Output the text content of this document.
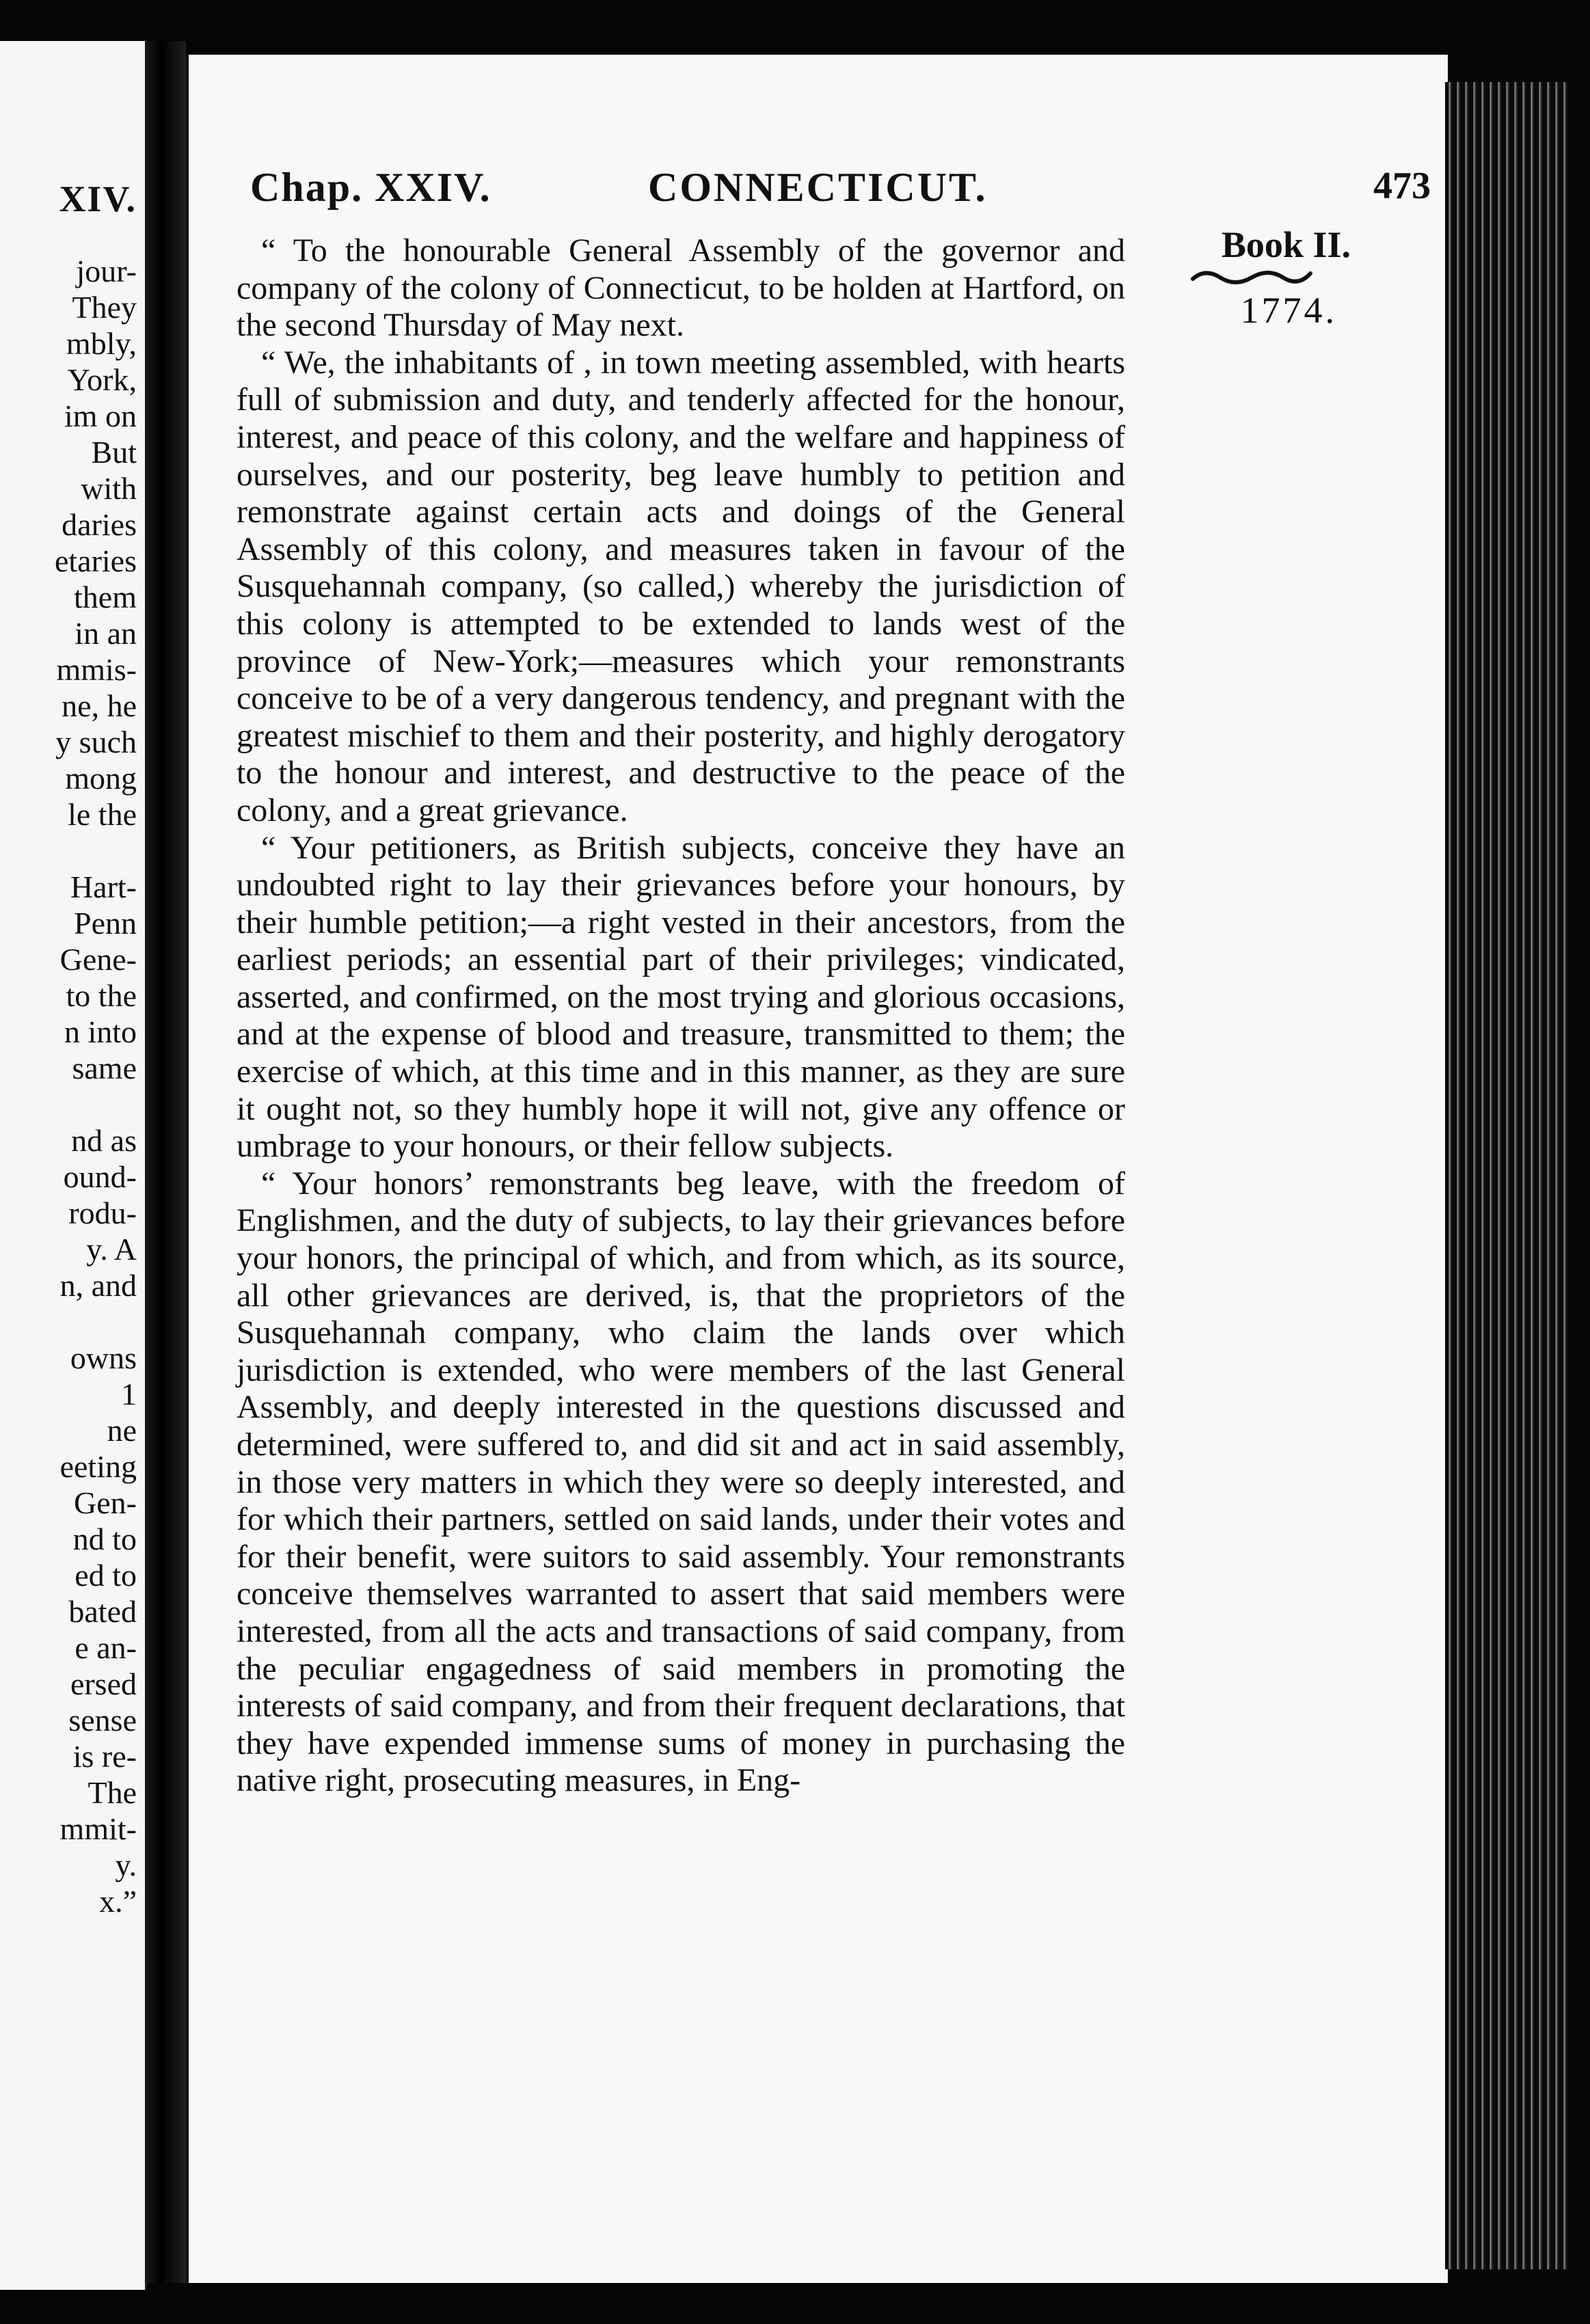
XIV.
jour-
They
mbly,
York,
im on
But
with
daries
etaries
them
in an
mmis-
ne, he
y such
mong
le the
Hart-
Penn
Gene-
to the
n into
same
nd as
ound-
rodu-
y. A
n, and
owns
1
ne
eeting
Gen-
nd to
ed to
bated
e an-
ersed
sense
is re-
The
mmit-
y.
x.”
Chap. XXIV.	CONNECTICUT.	473
Book II.
1774.

“ To the honourable General Assembly of the governor and company of the colony of Connecticut, to be holden at Hartford, on the second Thursday of May next.

“ We, the inhabitants of , in town meeting assembled, with hearts full of submission and duty, and tenderly affected for the honour, interest, and peace of this colony, and the welfare and happiness of ourselves, and our posterity, beg leave humbly to petition and remonstrate against certain acts and doings of the General Assembly of this colony, and measures taken in favour of the Susquehannah company, (so called,) whereby the jurisdiction of this colony is attempted to be extended to lands west of the province of New-York;—measures which your remonstrants conceive to be of a very dangerous tendency, and pregnant with the greatest mischief to them and their posterity, and highly derogatory to the honour and interest, and destructive to the peace of the colony, and a great grievance.

“ Your petitioners, as British subjects, conceive they have an undoubted right to lay their grievances before your honours, by their humble petition;—a right vested in their ancestors, from the earliest periods; an essential part of their privileges; vindicated, asserted, and confirmed, on the most trying and glorious occasions, and at the expense of blood and treasure, transmitted to them; the exercise of which, at this time and in this manner, as they are sure it ought not, so they humbly hope it will not, give any offence or umbrage to your honours, or their fellow subjects.

“ Your honors’ remonstrants beg leave, with the freedom of Englishmen, and the duty of subjects, to lay their grievances before your honors, the principal of which, and from which, as its source, all other grievances are derived, is, that the proprietors of the Susquehannah company, who claim the lands over which jurisdiction is extended, who were members of the last General Assembly, and deeply interested in the questions discussed and determined, were suffered to, and did sit and act in said assembly, in those very matters in which they were so deeply interested, and for which their partners, settled on said lands, under their votes and for their benefit, were suitors to said assembly. Your remonstrants conceive themselves warranted to assert that said members were interested, from all the acts and transactions of said company, from the peculiar engagedness of said members in promoting the interests of said company, and from their frequent declarations, that they have expended immense sums of money in purchasing the native right, prosecuting measures, in Eng-
